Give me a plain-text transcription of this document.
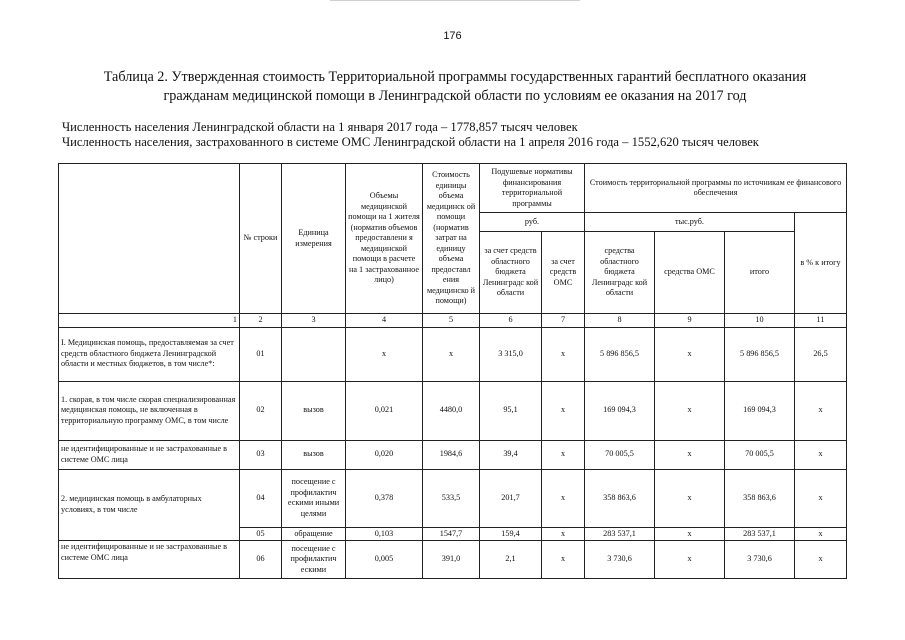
176
Таблица 2. Утвержденная стоимость Территориальной программы государственных гарантий бесплатного оказания
гражданам медицинской помощи в Ленинградской области по условиям ее оказания на 2017 год
Численность населения Ленинградской области на 1 января 2017 года – 1778,857 тысяч человек
Численность населения, застрахованного в системе ОМС Ленинградской области на 1 апреля 2016 года – 1552,620 тысяч человек
	№ строки	Единица измерения	Объемы медицинской помощи на 1 жителя (норматив объемов предоставлени я медицинской помощи в расчете на 1 застрахованное лицо)	Стоимость единицы объема медицинск ой помощи (норматив затрат на единицу объема предоставл ения медицинско й помощи)	Подушевые нормативы финансирования территориальной программы		Стоимость территориальной программы по источникам ее финансового обеспечения			
					руб.		тыс.руб.			в % к итогу
					за счет средств областного бюджета Ленинградс кой области	за счет средств ОМС	средства областного бюджета Ленинградс кой области	средства ОМС	итого	
1	2	3	4	5	6	7	8	9	10	11
I. Медицинская помощь, предоставляемая за счет средств областного бюджета Ленинградской области и местных бюджетов, в том числе*:	01		х	х	3 315,0	х	5 896 856,5	х	5 896 856,5	26,5
1. скорая, в том числе скорая специализированная медицинская помощь, не включенная в территориальную программу ОМС, в том числе	02	вызов	0,021	4480,0	95,1	х	169 094,3	х	169 094,3	х
не идентифицированные и не застрахованные в системе ОМС лица	03	вызов	0,020	1984,6	39,4	х	70 005,5	х	70 005,5	х
2. медицинская помощь в амбулаторных условиях, в том числе	04	посещение с профилактич ескими иными целями	0,378	533,5	201,7	х	358 863,6	х	358 863,6	х
	05	обращение	0,103	1547,7	159,4	х	283 537,1	х	283 537,1	х
не идентифицированные и не застрахованные в системе ОМС лица	06	посещение с профилактич ескими	0,005	391,0	2,1	х	3 730,6	х	3 730,6	х
